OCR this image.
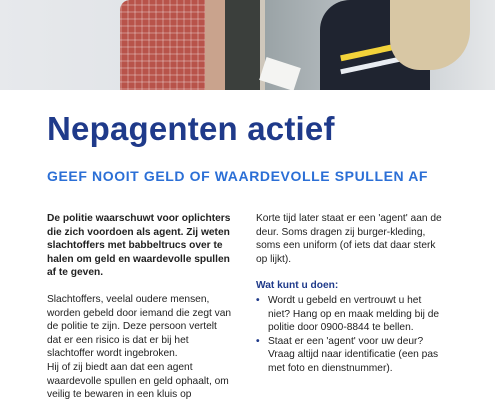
Nepagenten actief
GEEF NOOIT GELD OF WAARDEVOLLE SPULLEN AF

De politie waarschuwt voor oplichters die zich voordoen als agent. Zij weten slachtoffers met babbeltrucs over te halen om geld en waardevolle spullen af te geven.

Slachtoffers, veelal oudere mensen, worden gebeld door iemand die zegt van de politie te zijn. Deze persoon vertelt dat er een risico is dat er bij het slachtoffer wordt ingebroken.

Hij of zij biedt aan dat een agent waardevolle spullen en geld ophaalt, om veilig te bewaren in een kluis op

Korte tijd later staat er een 'agent' aan de deur. Soms dragen zij burger-kleding, soms een uniform (of iets dat daar sterk op lijkt).

Wat kunt u doen:

• Wordt u gebeld en vertrouwt u het niet? Hang op en maak melding bij de politie door 0900-8844 te bellen.
• Staat er een 'agent' voor uw deur? Vraag altijd naar identificatie (een pas met foto en dienstnummer).
